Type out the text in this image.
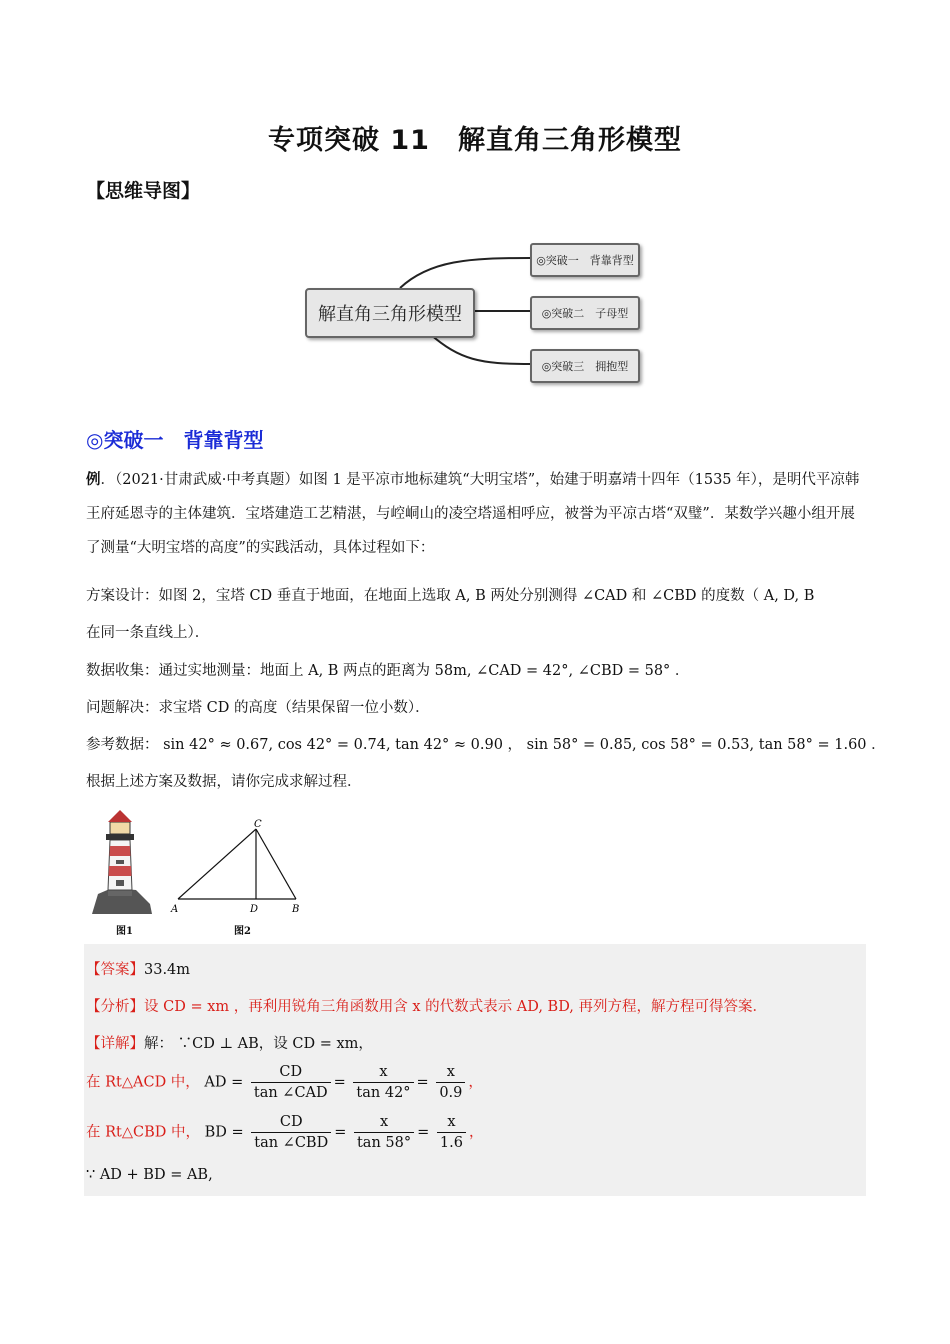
专项突破 11　解直角三角形模型
【思维导图】
解直角三角形模型
◎突破一　背靠背型
◎突破二　子母型
◎突破三　拥抱型
◎突破一　背靠背型
例．（2021·甘肃武威·中考真题）如图 1 是平凉市地标建筑“大明宝塔”，始建于明嘉靖十四年（1535 年），是明代平凉韩王府延恩寺的主体建筑．宝塔建造工艺精湛，与崆峒山的凌空塔遥相呼应，被誉为平凉古塔“双璧”．某数学兴趣小组开展了测量“大明宝塔的高度”的实践活动，具体过程如下：
方案设计：如图 2，宝塔 CD 垂直于地面，在地面上选取 A, B 两处分别测得 ∠CAD 和 ∠CBD 的度数（ A, D, B
在同一条直线上）．
数据收集：通过实地测量：地面上 A, B 两点的距离为 58m, ∠CAD = 42°, ∠CBD = 58° ．
问题解决：求宝塔 CD 的高度（结果保留一位小数）．
参考数据： sin 42° ≈ 0.67, cos 42° = 0.74, tan 42° ≈ 0.90 ， sin 58° = 0.85, cos 58° = 0.53, tan 58° = 1.60 ．
根据上述方案及数据，请你完成求解过程．
图1
C
A	D	B
图2
【答案】33.4m
【分析】设 CD = xm ，再利用锐角三角函数用含 x 的代数式表示 AD, BD, 再列方程，解方程可得答案．
【详解】解： ∵CD ⊥ AB，设 CD = xm，
在 Rt△ACD 中， AD = $\frac{CD}{\text{tan ∠CAD}} = \frac{x}{\tan 42^\circ} = \frac{x}{0.9}$ ，
在 Rt△CBD 中， BD = $\frac{CD}{\text{tan ∠CBD}} = \frac{x}{\tan 58^\circ} = \frac{x}{1.6}$ ，
∵ AD + BD = AB,
